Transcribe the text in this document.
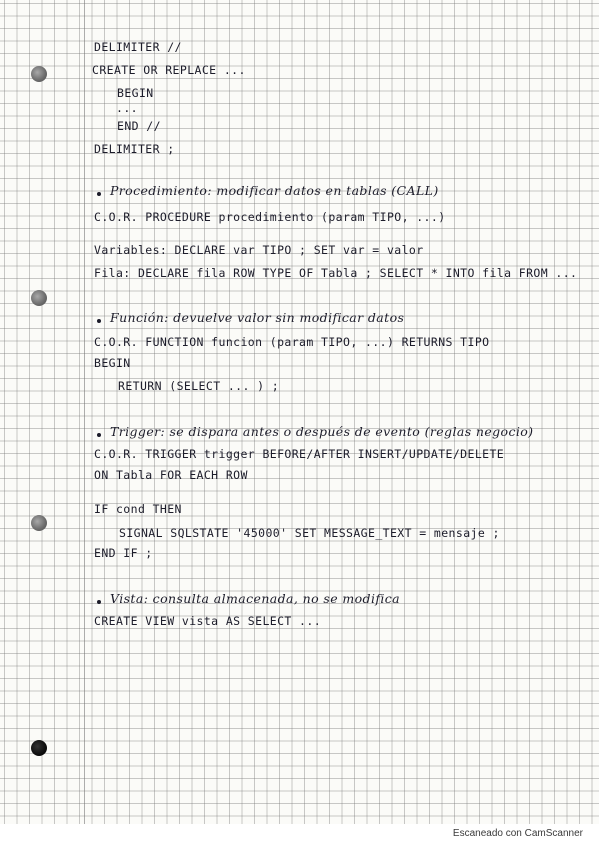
DELIMITER //
CREATE OR REPLACE ...
BEGIN
...
END //
DELIMITER ;
Procedimiento: modificar datos en tablas (CALL)
C.O.R. PROCEDURE procedimiento (param TIPO, ...)
Variables: DECLARE var TIPO ; SET var = valor
Fila: DECLARE fila ROW TYPE OF Tabla ; SELECT * INTO fila FROM ...
Función: devuelve valor sin modificar datos
C.O.R. FUNCTION funcion (param TIPO, ...) RETURNS TIPO
BEGIN
RETURN (SELECT ... ) ;
Trigger: se dispara antes o después de evento (reglas negocio)
C.O.R. TRIGGER trigger BEFORE/AFTER INSERT/UPDATE/DELETE
ON Tabla FOR EACH ROW
IF cond THEN
SIGNAL SQLSTATE '45000' SET MESSAGE_TEXT = mensaje ;
END IF ;
Vista: consulta almacenada, no se modifica
CREATE VIEW vista AS SELECT ...
Escaneado con CamScanner
